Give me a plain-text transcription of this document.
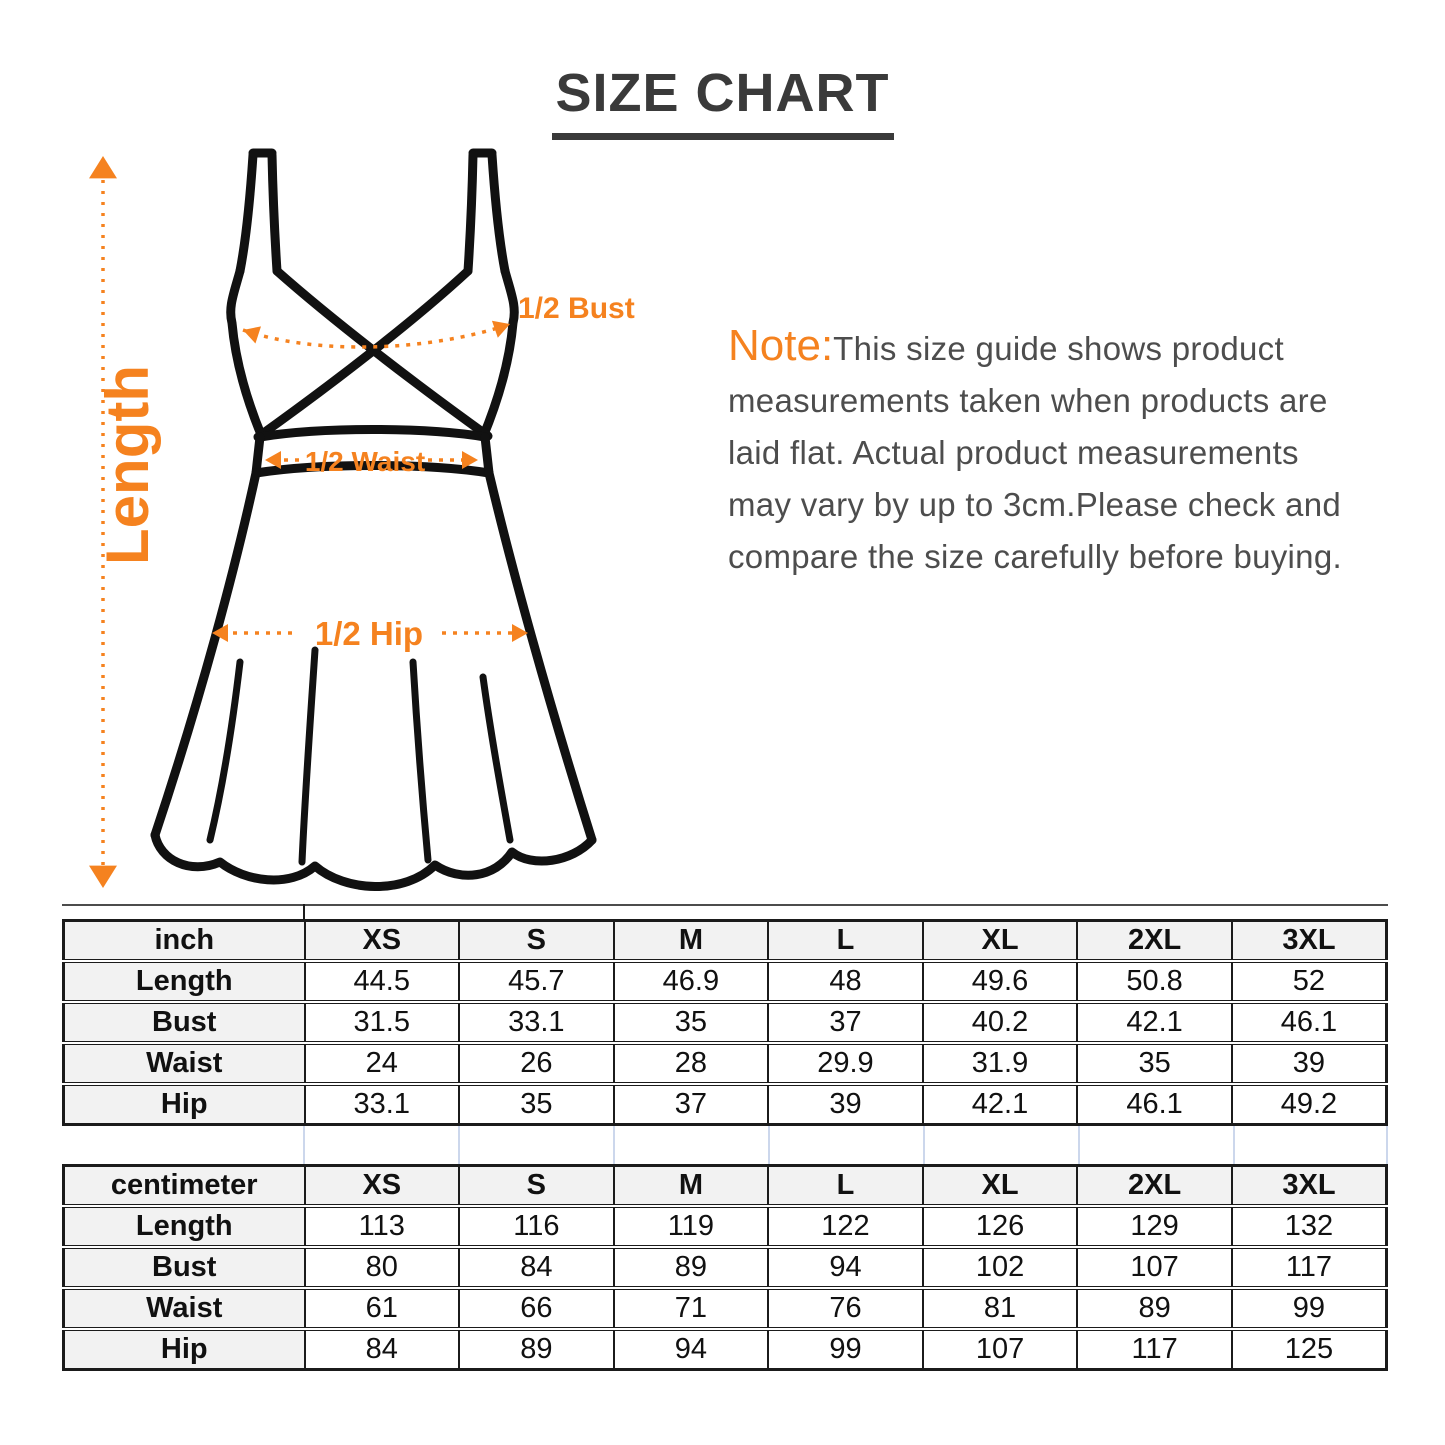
SIZE CHART
Length
1/2 Bust
1/2 Waist
1/2 Hip
Note:This size guide shows product
measurements taken when products are
laid flat. Actual product measurements
may vary by up to 3cm.Please check and
compare the size carefully before buying.
inch	XS	S	M	L	XL	2XL	3XL
Length	44.5	45.7	46.9	48	49.6	50.8	52
Bust	31.5	33.1	35	37	40.2	42.1	46.1
Waist	24	26	28	29.9	31.9	35	39
Hip	33.1	35	37	39	42.1	46.1	49.2
centimeter	XS	S	M	L	XL	2XL	3XL
Length	113	116	119	122	126	129	132
Bust	80	84	89	94	102	107	117
Waist	61	66	71	76	81	89	99
Hip	84	89	94	99	107	117	125
